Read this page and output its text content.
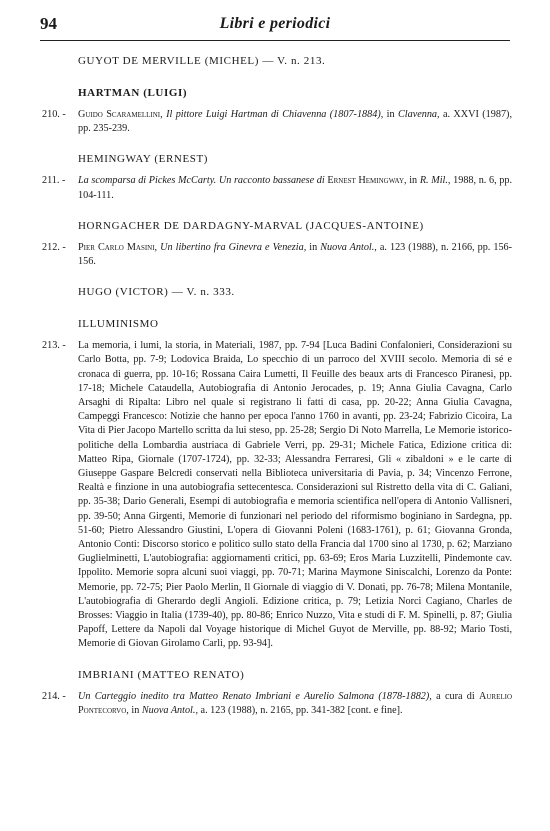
94	Libri e periodici
GUYOT DE MERVILLE (MICHEL) — V. n. 213.
HARTMAN (LUIGI)
210. -	Guido Scaramellini, Il pittore Luigi Hartman di Chiavenna (1807-1884), in Clavenna, a. XXVI (1987), pp. 235-239.
HEMINGWAY (ERNEST)
211. -	La scomparsa di Pickes McCarty. Un racconto bassanese di Ernest Hemingway, in R. Mil., 1988, n. 6, pp. 104-111.
HORNGACHER DE DARDAGNY-MARVAL (JACQUES-ANTOINE)
212. -	Pier Carlo Masini, Un libertino fra Ginevra e Venezia, in Nuova Antol., a. 123 (1988), n. 2166, pp. 156-156.
HUGO (VICTOR) — V. n. 333.
ILLUMINISMO
213. -	La memoria, i lumi, la storia, in Materiali, 1987, pp. 7-94 [Luca Badini Confalonieri, Considerazioni su Carlo Botta, pp. 7-9; Lodovica Braida, Lo specchio di un parroco del XVIII secolo. Memoria di sé e cronaca di guerra, pp. 10-16; Rossana Caira Lumetti, Il Feuille des beaux arts di Francesco Piranesi, pp. 17-18; Michele Cataudella, Autobiografia di Antonio Jerocades, p. 19; Anna Giulia Cavagna, Carlo Arsaghi di Ripalta: Libro nel quale si registrano li fatti di casa, pp. 20-22; Anna Giulia Cavagna, Campeggi Francesco: Notizie che hanno per epoca l'anno 1760 in avanti, pp. 23-24; Fabrizio Cicoira, La Vita di Pier Jacopo Martello scritta da lui steso, pp. 25-28; Sergio Di Noto Marrella, Le Memorie istorico-politiche della Lombardia austriaca di Gabriele Verri, pp. 29-31; Michele Fatica, Edizione critica di: Matteo Ripa, Giornale (1707-1724), pp. 32-33; Alessandra Ferraresi, Gli « zibaldoni » e le carte di Giuseppe Gaspare Belcredi conservati nella Biblioteca universitaria di Pavia, p. 34; Vincenzo Ferrone, Realtà e finzione in una autobiografia settecentesca. Considerazioni sul Ristretto della vita di C. Galiani, pp. 35-38; Dario Generali, Esempi di autobiografia e memoria scientifica nell'opera di Antonio Vallisneri, pp. 39-50; Anna Girgenti, Memorie di funzionari nel periodo del riformismo boginiano in Sardegna, pp. 51-60; Pietro Alessandro Giustini, L'opera di Giovanni Poleni (1683-1761), p. 61; Giovanna Gronda, Antonio Conti: Discorso storico e politico sullo stato della Francia dal 1700 sino al 1730, p. 62; Marziano Guglielminetti, L'autobiografia: aggiornamenti critici, pp. 63-69; Eros Maria Luzzitelli, Pindemonte cav. Ippolito. Memorie sopra alcuni suoi viaggi, pp. 70-71; Marina Maymone Siniscalchi, Lorenzo da Ponte: Memorie, pp. 72-75; Pier Paolo Merlin, Il Giornale di viaggio di V. Donati, pp. 76-78; Milena Montanile, L'autobiografia di Gherardo degli Angioli. Edizione critica, p. 79; Letizia Norci Cagiano, Charles de Brosses: Viaggio in Italia (1739-40), pp. 80-86; Enrico Nuzzo, Vita e studi di F. M. Spinelli, p. 87; Giulia Papoff, Lettere da Napoli dal Voyage historique di Michel Guyot de Merville, pp. 88-92; Mario Tosti, Memorie di Giovan Girolamo Carli, pp. 93-94].
IMBRIANI (MATTEO RENATO)
214. -	Un Carteggio inedito tra Matteo Renato Imbriani e Aurelio Salmona (1878-1882), a cura di Aurelio Pontecorvo, in Nuova Antol., a. 123 (1988), n. 2165, pp. 341-382 [cont. e fine].
